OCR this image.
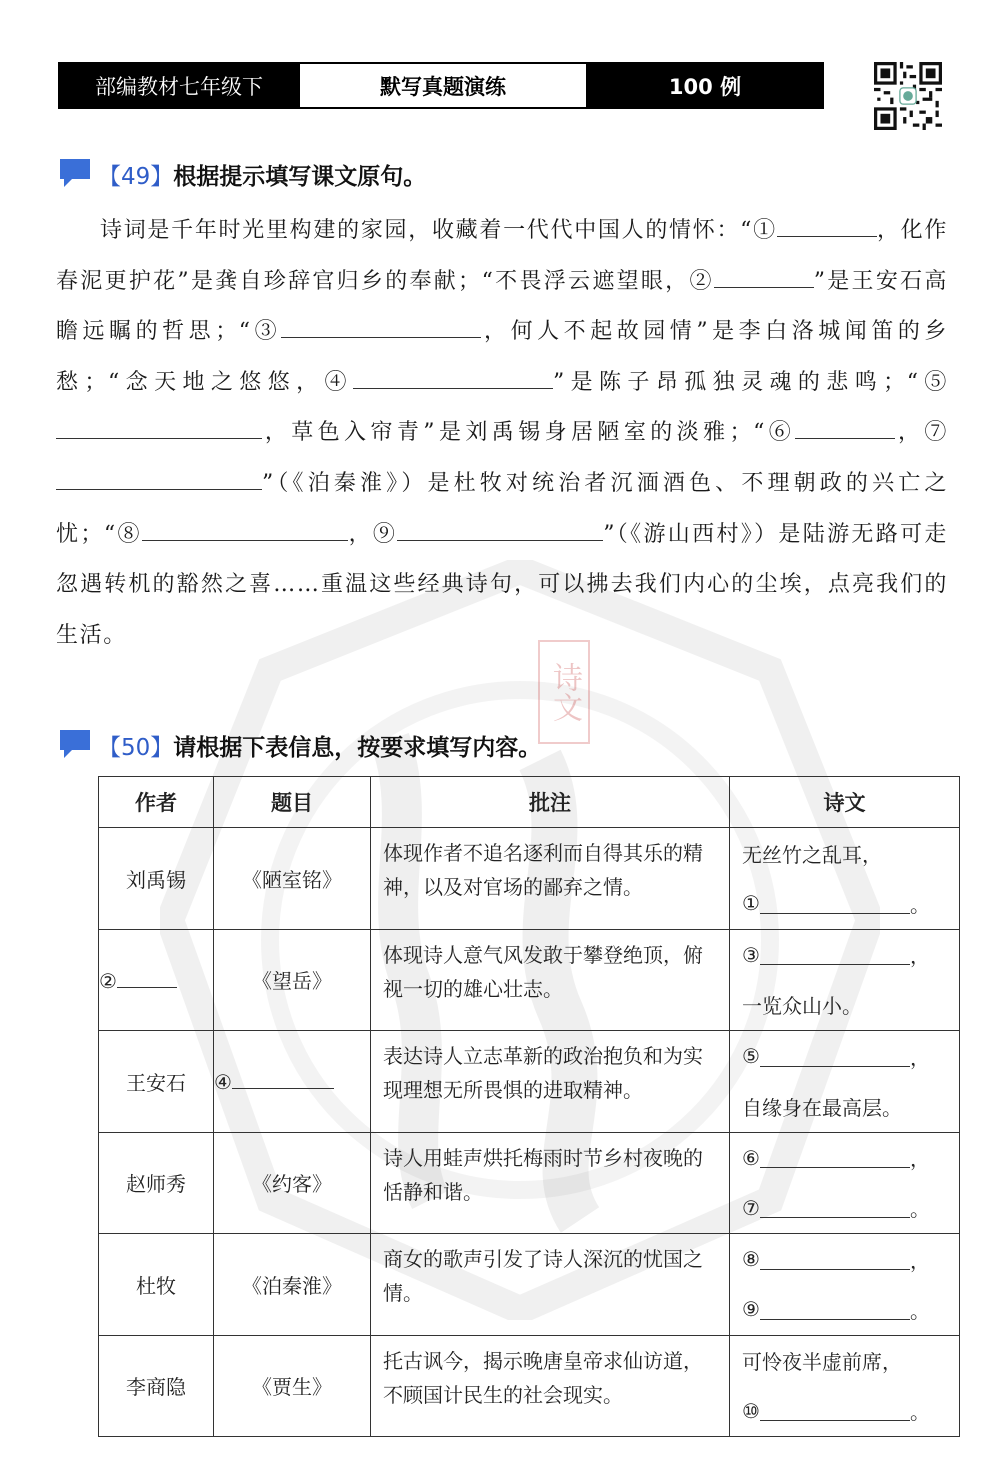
诗文
部编教材七年级下	默写真题演练	100 例
【49】 根据提示填写课文原句。

诗词是千年时光里构建的家园，收藏着一代代中国人的情怀：“①	，化作春泥更护花”是龚自珍辞官归乡的奉献；“不畏浮云遮望眼，②	”是王安石高瞻远瞩的哲思；“③	，何人不起故园情”是李白洛城闻笛的乡愁；“念天地之悠悠，④	”是陈子昂孤独灵魂的悲鸣；“⑤，草色入帘青”是刘禹锡身居陋室的淡雅；“⑥	，⑦”（《泊秦淮》）是杜牧对统治者沉湎酒色、不理朝政的兴亡之忧；“⑧	，⑨	”（《游山西村》）是陆游无路可走忽遇转机的豁然之喜……重温这些经典诗句，可以拂去我们内心的尘埃，点亮我们的生活。

【50】 请根据下表信息，按要求填写内容。
作者	题目	批注	诗文
刘禹锡	《陋室铭》	体现作者不追名逐利而自得其乐的精神，以及对官场的鄙弃之情。	无丝竹之乱耳，
① 。

②	《望岳》	体现诗人意气风发敢于攀登绝顶，俯视一切的雄心壮志。	③ ，
一览众山小。

王安石	④	表达诗人立志革新的政治抱负和为实现理想无所畏惧的进取精神。	⑤ ，
自缘身在最高层。

赵师秀	《约客》	诗人用蛙声烘托梅雨时节乡村夜晚的恬静和谐。	⑥ ，
⑦ 。

杜牧	《泊秦淮》	商女的歌声引发了诗人深沉的忧国之情。	⑧ ，
⑨ 。

李商隐	《贾生》	托古讽今，揭示晚唐皇帝求仙访道，不顾国计民生的社会现实。	可怜夜半虚前席，
⑩ 。
